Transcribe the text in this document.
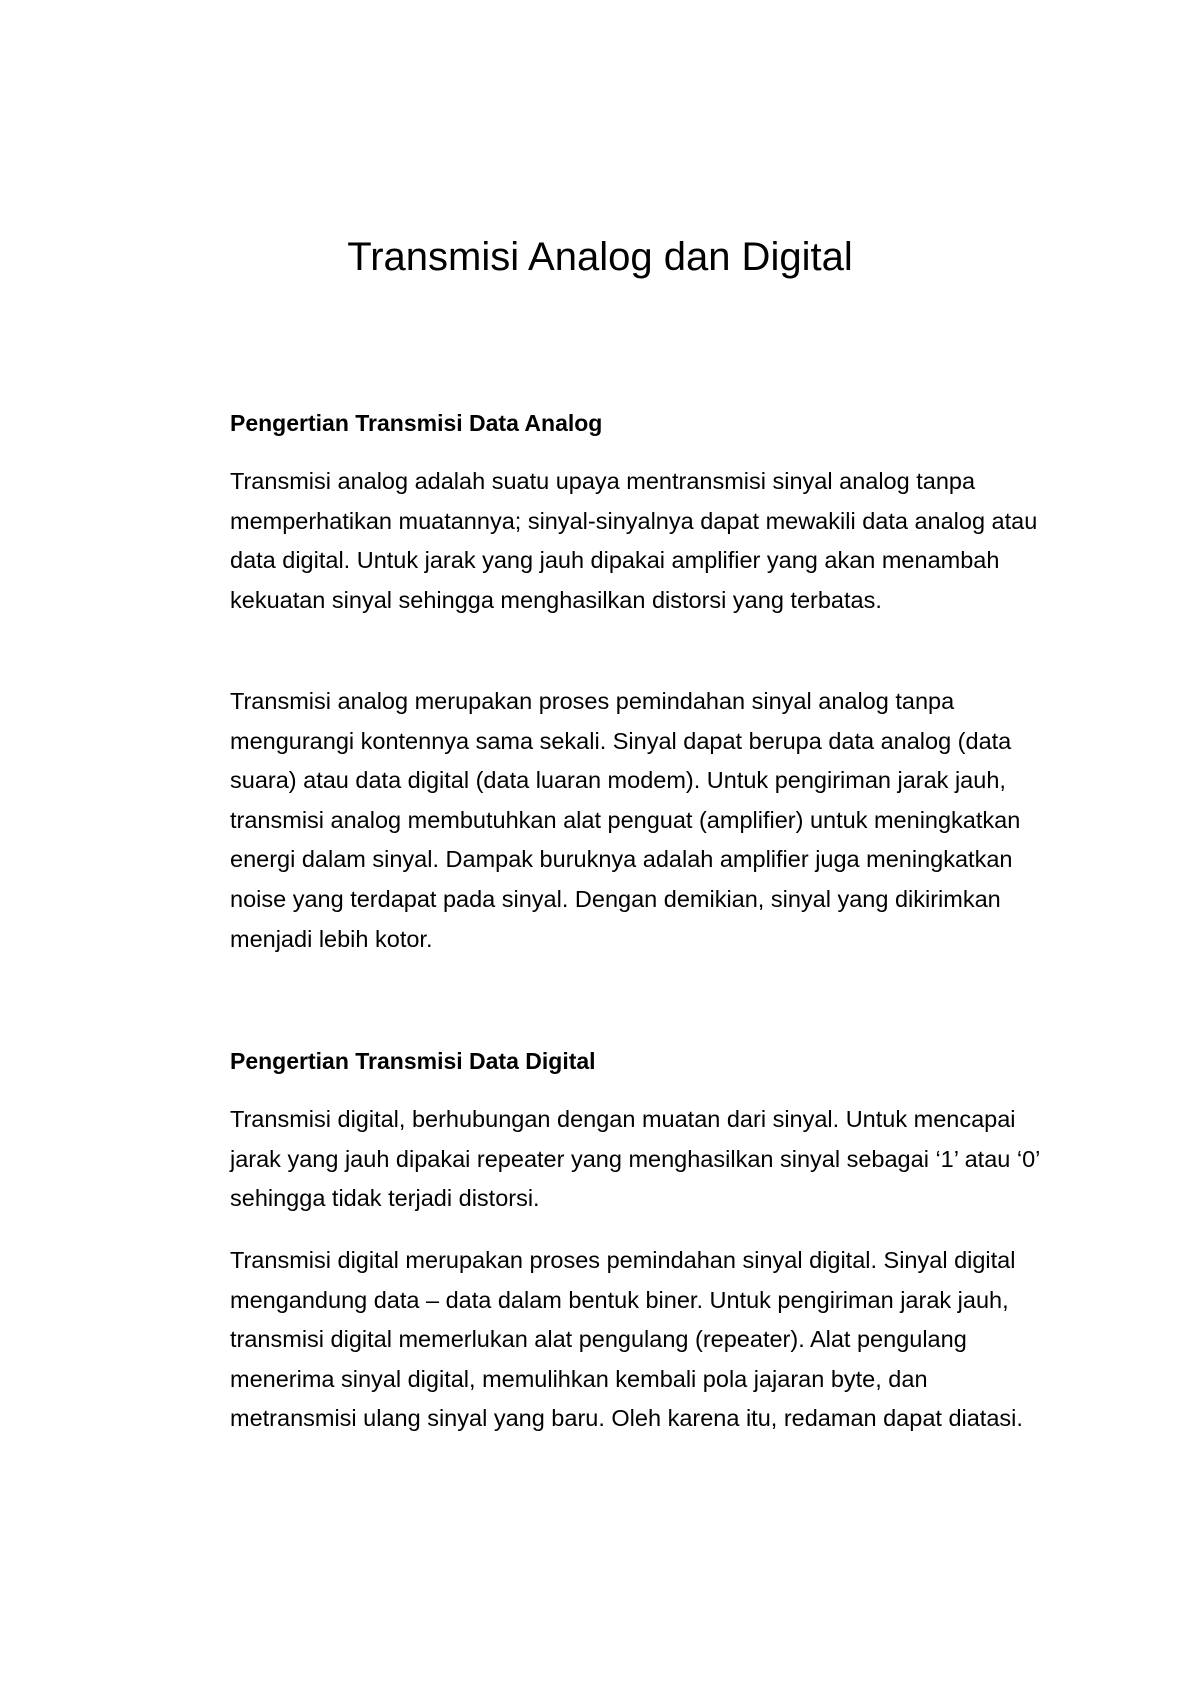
Transmisi Analog dan Digital
Pengertian Transmisi Data Analog

Transmisi analog adalah suatu upaya mentransmisi sinyal analog tanpa memperhatikan muatannya; sinyal-sinyalnya dapat mewakili data analog atau data digital. Untuk jarak yang jauh dipakai amplifier yang akan menambah kekuatan sinyal sehingga menghasilkan distorsi yang terbatas.

Transmisi analog merupakan proses pemindahan sinyal analog tanpa mengurangi kontennya sama sekali. Sinyal dapat berupa data analog (data suara) atau data digital (data luaran modem). Untuk pengiriman jarak jauh, transmisi analog membutuhkan alat penguat (amplifier) untuk meningkatkan energi dalam sinyal. Dampak buruknya adalah amplifier juga meningkatkan noise yang terdapat pada sinyal. Dengan demikian, sinyal yang dikirimkan menjadi lebih kotor.

Pengertian Transmisi Data Digital

Transmisi digital, berhubungan dengan muatan dari sinyal. Untuk mencapai jarak yang jauh dipakai repeater yang menghasilkan sinyal sebagai ‘1’ atau ‘0’ sehingga tidak terjadi distorsi.

Transmisi digital merupakan proses pemindahan sinyal digital. Sinyal digital mengandung data – data dalam bentuk biner. Untuk pengiriman jarak jauh, transmisi digital memerlukan alat pengulang (repeater). Alat pengulang menerima sinyal digital, memulihkan kembali pola jajaran byte, dan metransmisi ulang sinyal yang baru. Oleh karena itu, redaman dapat diatasi.
